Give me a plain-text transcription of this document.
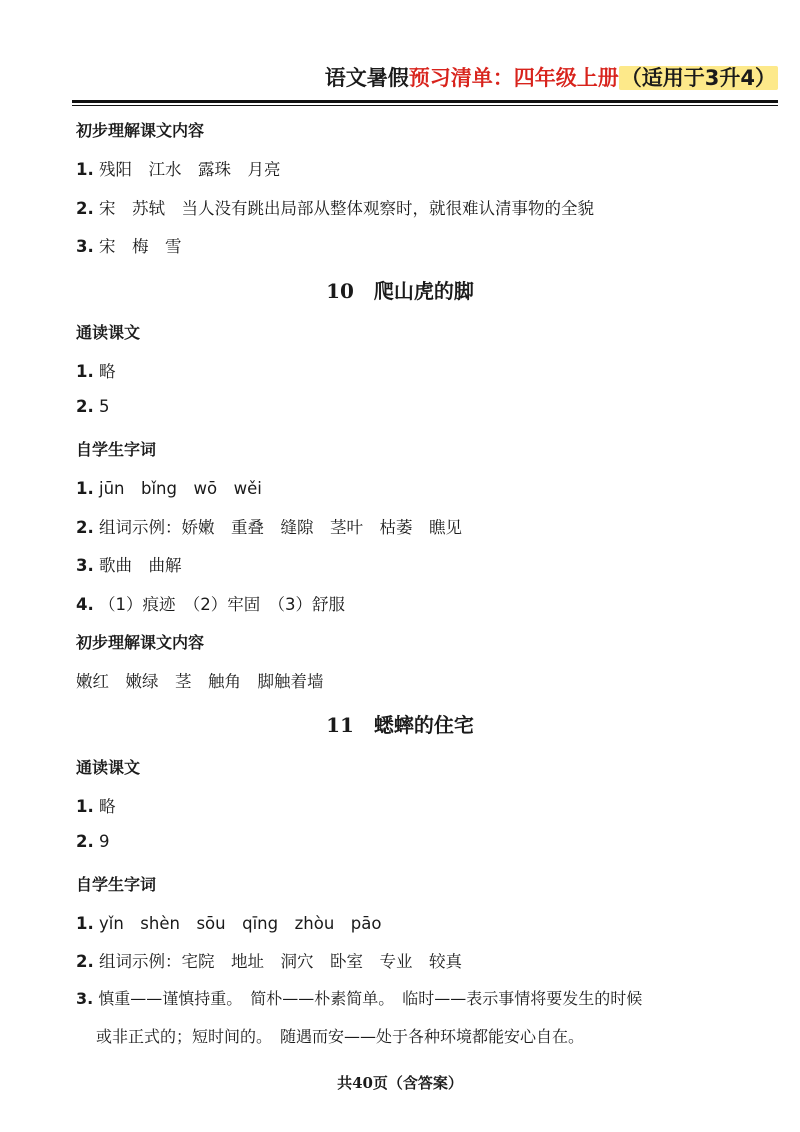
语文暑假预习清单：四年级上册（适用于3升4）
初步理解课文内容
1. 残阳　江水　露珠　月亮
2. 宋　苏轼　当人没有跳出局部从整体观察时，就很难认清事物的全貌
3. 宋　梅　雪
10　爬山虎的脚
通读课文
1. 略
2. 5
自学生字词
1. jūn　bǐng　wō　wěi
2. 组词示例：娇嫩　重叠　缝隙　茎叶　枯萎　瞧见
3. 歌曲　曲解
4. （1）痕迹　（2）牢固　（3）舒服
初步理解课文内容
嫩红　嫩绿　茎　触角　脚触着墙
11　蟋蟀的住宅
通读课文
1. 略
2. 9
自学生字词
1. yǐn　shèn　sōu　qīng　zhòu　pāo
2. 组词示例：宅院　地址　洞穴　卧室　专业　较真
3. 慎重——谨慎持重。　简朴——朴素简单。　临时——表示事情将要发生的时候
或非正式的；短时间的。　随遇而安——处于各种环境都能安心自在。
共40页（含答案）
